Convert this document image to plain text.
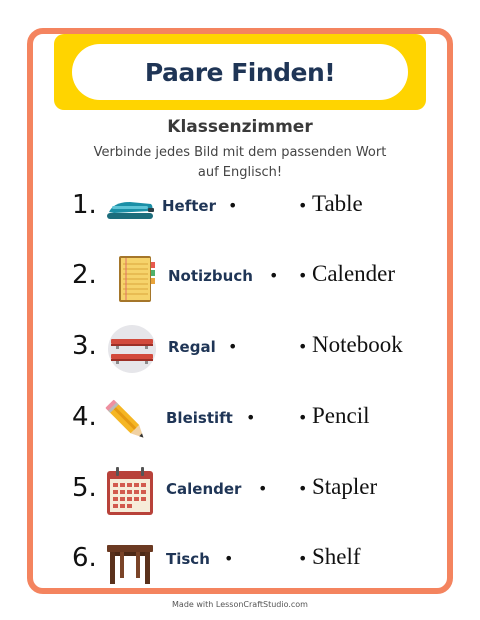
Paare Finden!
Klassenzimmer
Verbinde jedes Bild mit dem passenden Wort
auf Englisch!
1.	Hefter •	• Table
2.	Notizbuch • • Calender
3.	Regal •	• Notebook
4.	Bleistift •	• Pencil
5.	Calender • • Stapler
6.	Tisch •	• Shelf
Made with LessonCraftStudio.com
